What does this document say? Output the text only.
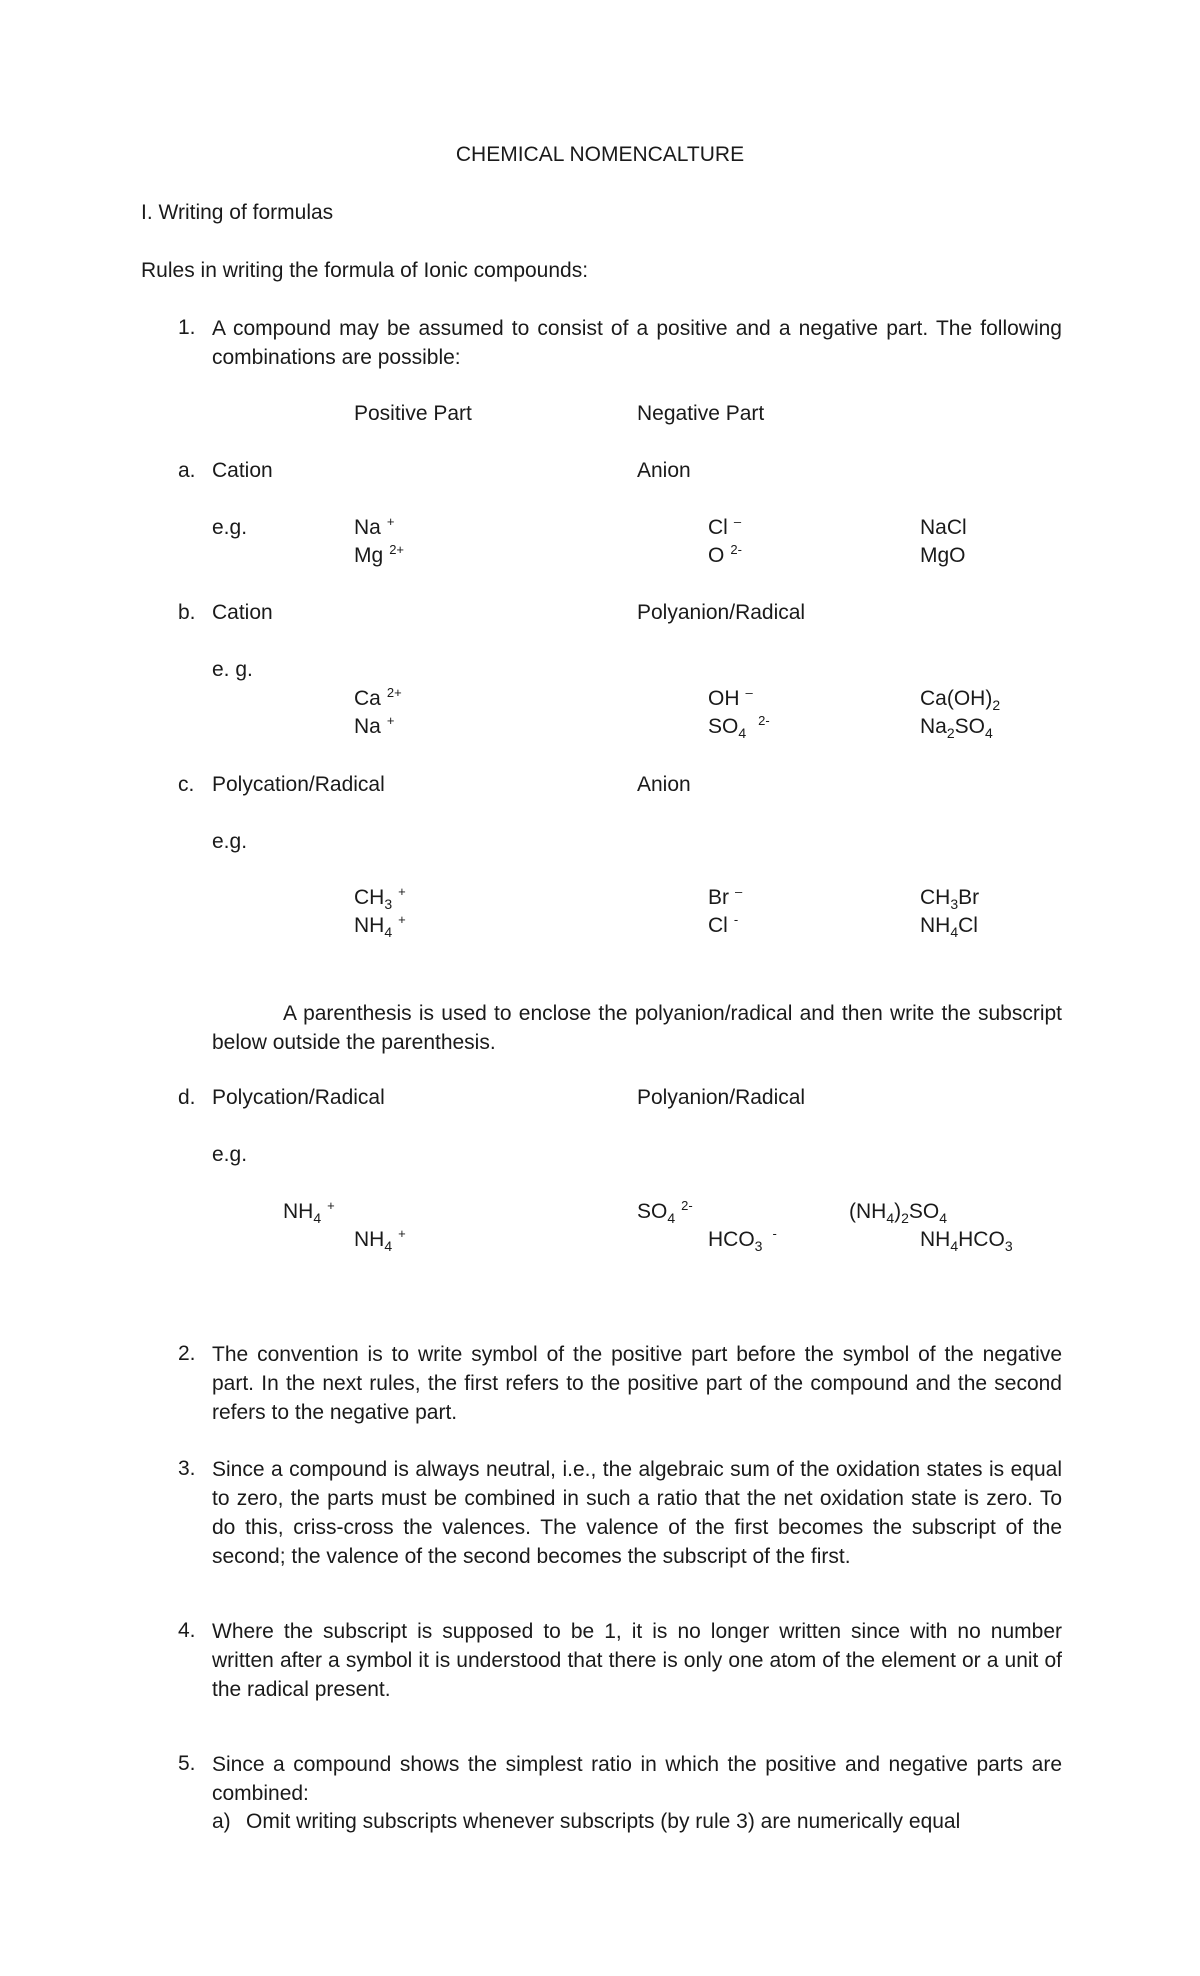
CHEMICAL NOMENCALTURE
I. Writing of formulas
Rules in writing the formula of Ionic compounds:
1. A compound may be assumed to consist of a positive and a negative part. The following combinations are possible:
Positive Part	Negative Part
a. Cation	Anion
e.g.	Na +	Cl –	NaCl
Mg $^{2+}$	O $^{2-}$	MgO
b. Cation	Polyanion/Radical
e. g.
Ca $^{2+}$	OH –	$Ca(OH)_2$
Na +	$SO_4^{2-}$	$Na_2SO_4$
c. Polycation/Radical	Anion
e.g.
$CH_3^+$	Br –	$CH_3Br$
$NH_4^+$	Cl -	$NH_4Cl$
A parenthesis is used to enclose the polyanion/radical and then write the subscript below outside the parenthesis.
d. Polycation/Radical	Polyanion/Radical
e.g.
$NH_4^+$	$SO_4^{2-}$	$(NH_4)_2SO_4$
$NH_4^+$	$HCO_3^-$	$NH_4HCO_3$
2. The convention is to write symbol of the positive part before the symbol of the negative part. In the next rules, the first refers to the positive part of the compound and the second refers to the negative part.
3. Since a compound is always neutral, i.e., the algebraic sum of the oxidation states is equal to zero, the parts must be combined in such a ratio that the net oxidation state is zero. To do this, criss-cross the valences. The valence of the first becomes the subscript of the second; the valence of the second becomes the subscript of the first.
4. Where the subscript is supposed to be 1, it is no longer written since with no number written after a symbol it is understood that there is only one atom of the element or a unit of the radical present.
5. Since a compound shows the simplest ratio in which the positive and negative parts are combined:
a) Omit writing subscripts whenever subscripts (by rule 3) are numerically equal
